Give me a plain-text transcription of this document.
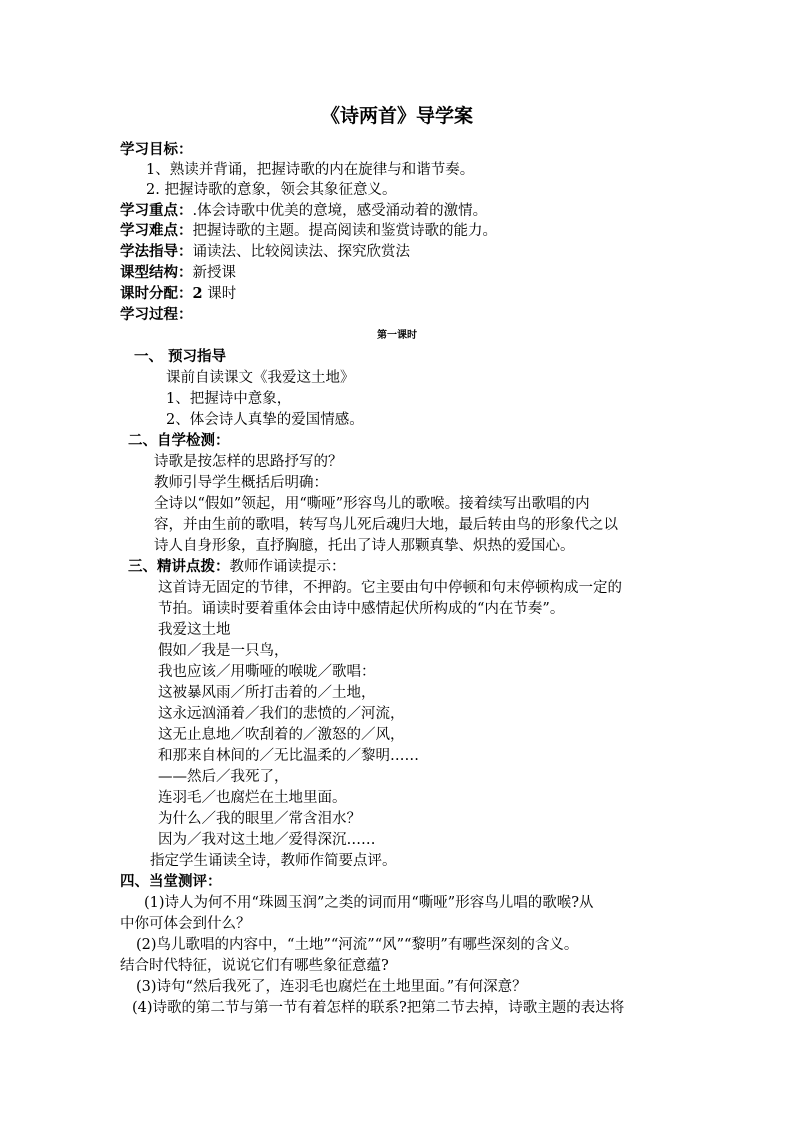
《诗两首》导学案
学习目标：
1、熟读并背诵，把握诗歌的内在旋律与和谐节奏。
2. 把握诗歌的意象，领会其象征意义。
学习重点：.体会诗歌中优美的意境，感受涌动着的激情。
学习难点：把握诗歌的主题。提高阅读和鉴赏诗歌的能力。
学法指导：诵读法、比较阅读法、探究欣赏法
课型结构：新授课
课时分配：2 课时
学习过程：
第一课时
一、 预习指导
课前自读课文《我爱这土地》
1、把握诗中意象，
2、体会诗人真挚的爱国情感。
二、自学检测：
诗歌是按怎样的思路抒写的？
教师引导学生概括后明确：
全诗以“假如”领起，用“嘶哑”形容鸟儿的歌喉。接着续写出歌唱的内
容，并由生前的歌唱，转写鸟儿死后魂归大地，最后转由鸟的形象代之以
诗人自身形象，直抒胸臆，托出了诗人那颗真挚、炽热的爱国心。
三、精讲点拨：教师作诵读提示：
这首诗无固定的节律，不押韵。它主要由句中停顿和句末停顿构成一定的
节拍。诵读时要着重体会由诗中感情起伏所构成的“内在节奏”。
我爱这土地
假如／我是一只鸟，
我也应该／用嘶哑的喉咙／歌唱：
这被暴风雨／所打击着的／土地，
这永远汹涌着／我们的悲愤的／河流，
这无止息地／吹刮着的／激怒的／风，
和那来自林间的／无比温柔的／黎明……
——然后／我死了，
连羽毛／也腐烂在土地里面。
为什么／我的眼里／常含泪水？
因为／我对这土地／爱得深沉……
指定学生诵读全诗，教师作简要点评。
四、当堂测评：
(1)诗人为何不用“珠圆玉润”之类的词而用“嘶哑”形容鸟儿唱的歌喉?从
中你可体会到什么？
(2)鸟儿歌唱的内容中，“土地”“河流”“风”“黎明”有哪些深刻的含义。
结合时代特征，说说它们有哪些象征意蕴?
(3)诗句“然后我死了，连羽毛也腐烂在土地里面。”有何深意？
(4)诗歌的第二节与第一节有着怎样的联系?把第二节去掉，诗歌主题的表达将
